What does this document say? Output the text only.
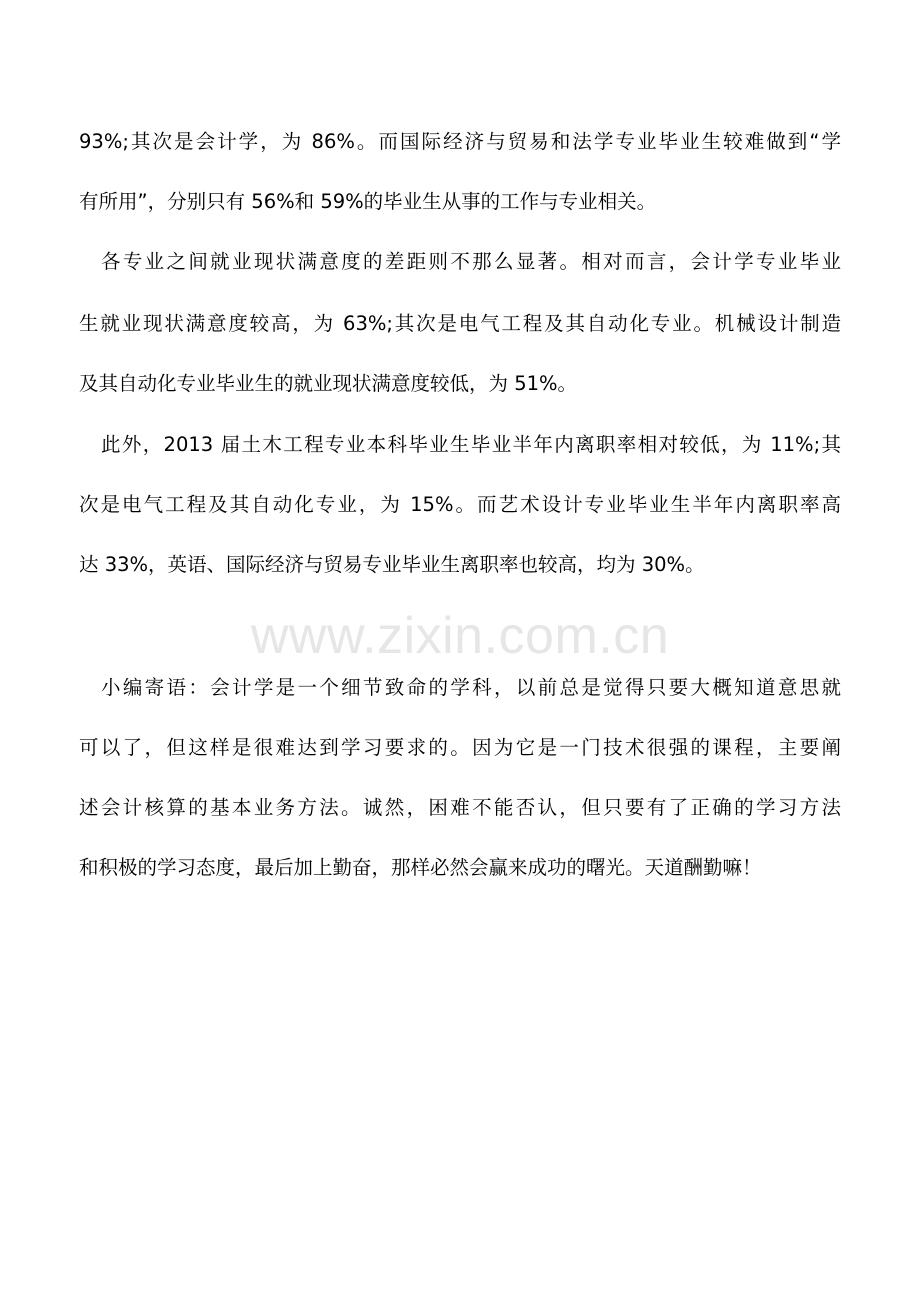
93%;其次是会计学，为 86%。而国际经济与贸易和法学专业毕业生较难做到“学
有所用”，分别只有 56%和 59%的毕业生从事的工作与专业相关。
各专业之间就业现状满意度的差距则不那么显著。相对而言，会计学专业毕业
生就业现状满意度较高，为 63%;其次是电气工程及其自动化专业。机械设计制造
及其自动化专业毕业生的就业现状满意度较低，为 51%。
此外，2013 届土木工程专业本科毕业生毕业半年内离职率相对较低，为 11%;其
次是电气工程及其自动化专业，为 15%。而艺术设计专业毕业生半年内离职率高
达 33%，英语、国际经济与贸易专业毕业生离职率也较高，均为 30%。
www.zixin.com.cn
小编寄语：会计学是一个细节致命的学科，以前总是觉得只要大概知道意思就
可以了，但这样是很难达到学习要求的。因为它是一门技术很强的课程，主要阐
述会计核算的基本业务方法。诚然，困难不能否认，但只要有了正确的学习方法
和积极的学习态度，最后加上勤奋，那样必然会赢来成功的曙光。天道酬勤嘛！
